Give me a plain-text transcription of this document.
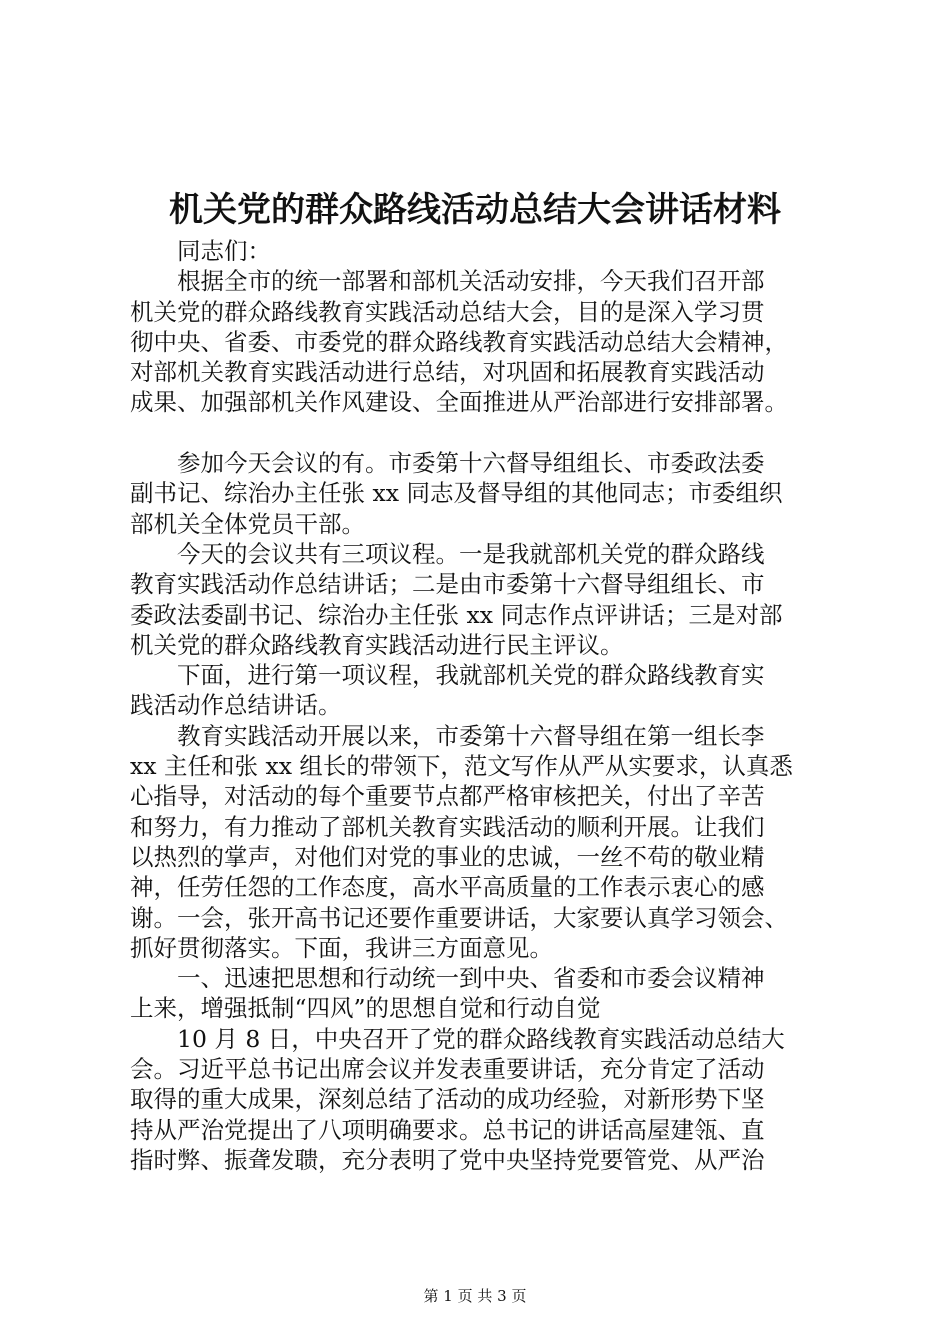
机关党的群众路线活动总结大会讲话材料
　　同志们：
　　根据全市的统一部署和部机关活动安排，今天我们召开部
机关党的群众路线教育实践活动总结大会，目的是深入学习贯
彻中央、省委、市委党的群众路线教育实践活动总结大会精神，
对部机关教育实践活动进行总结，对巩固和拓展教育实践活动
成果、加强部机关作风建设、全面推进从严治部进行安排部署。
　　参加今天会议的有。市委第十六督导组组长、市委政法委
副书记、综治办主任张 xx 同志及督导组的其他同志；市委组织
部机关全体党员干部。
　　今天的会议共有三项议程。一是我就部机关党的群众路线
教育实践活动作总结讲话；二是由市委第十六督导组组长、市
委政法委副书记、综治办主任张 xx 同志作点评讲话；三是对部
机关党的群众路线教育实践活动进行民主评议。
　　下面，进行第一项议程，我就部机关党的群众路线教育实
践活动作总结讲话。
　　教育实践活动开展以来，市委第十六督导组在第一组长李
xx 主任和张 xx 组长的带领下，范文写作从严从实要求，认真悉
心指导，对活动的每个重要节点都严格审核把关，付出了辛苦
和努力，有力推动了部机关教育实践活动的顺利开展。让我们
以热烈的掌声，对他们对党的事业的忠诚，一丝不苟的敬业精
神，任劳任怨的工作态度，高水平高质量的工作表示衷心的感
谢。一会，张开高书记还要作重要讲话，大家要认真学习领会、
抓好贯彻落实。下面，我讲三方面意见。
　　一、迅速把思想和行动统一到中央、省委和市委会议精神
上来，增强抵制“四风”的思想自觉和行动自觉
　　10 月 8 日，中央召开了党的群众路线教育实践活动总结大
会。习近平总书记出席会议并发表重要讲话，充分肯定了活动
取得的重大成果，深刻总结了活动的成功经验，对新形势下坚
持从严治党提出了八项明确要求。总书记的讲话高屋建瓴、直
指时弊、振聋发聩，充分表明了党中央坚持党要管党、从严治
第 1 页 共 3 页
